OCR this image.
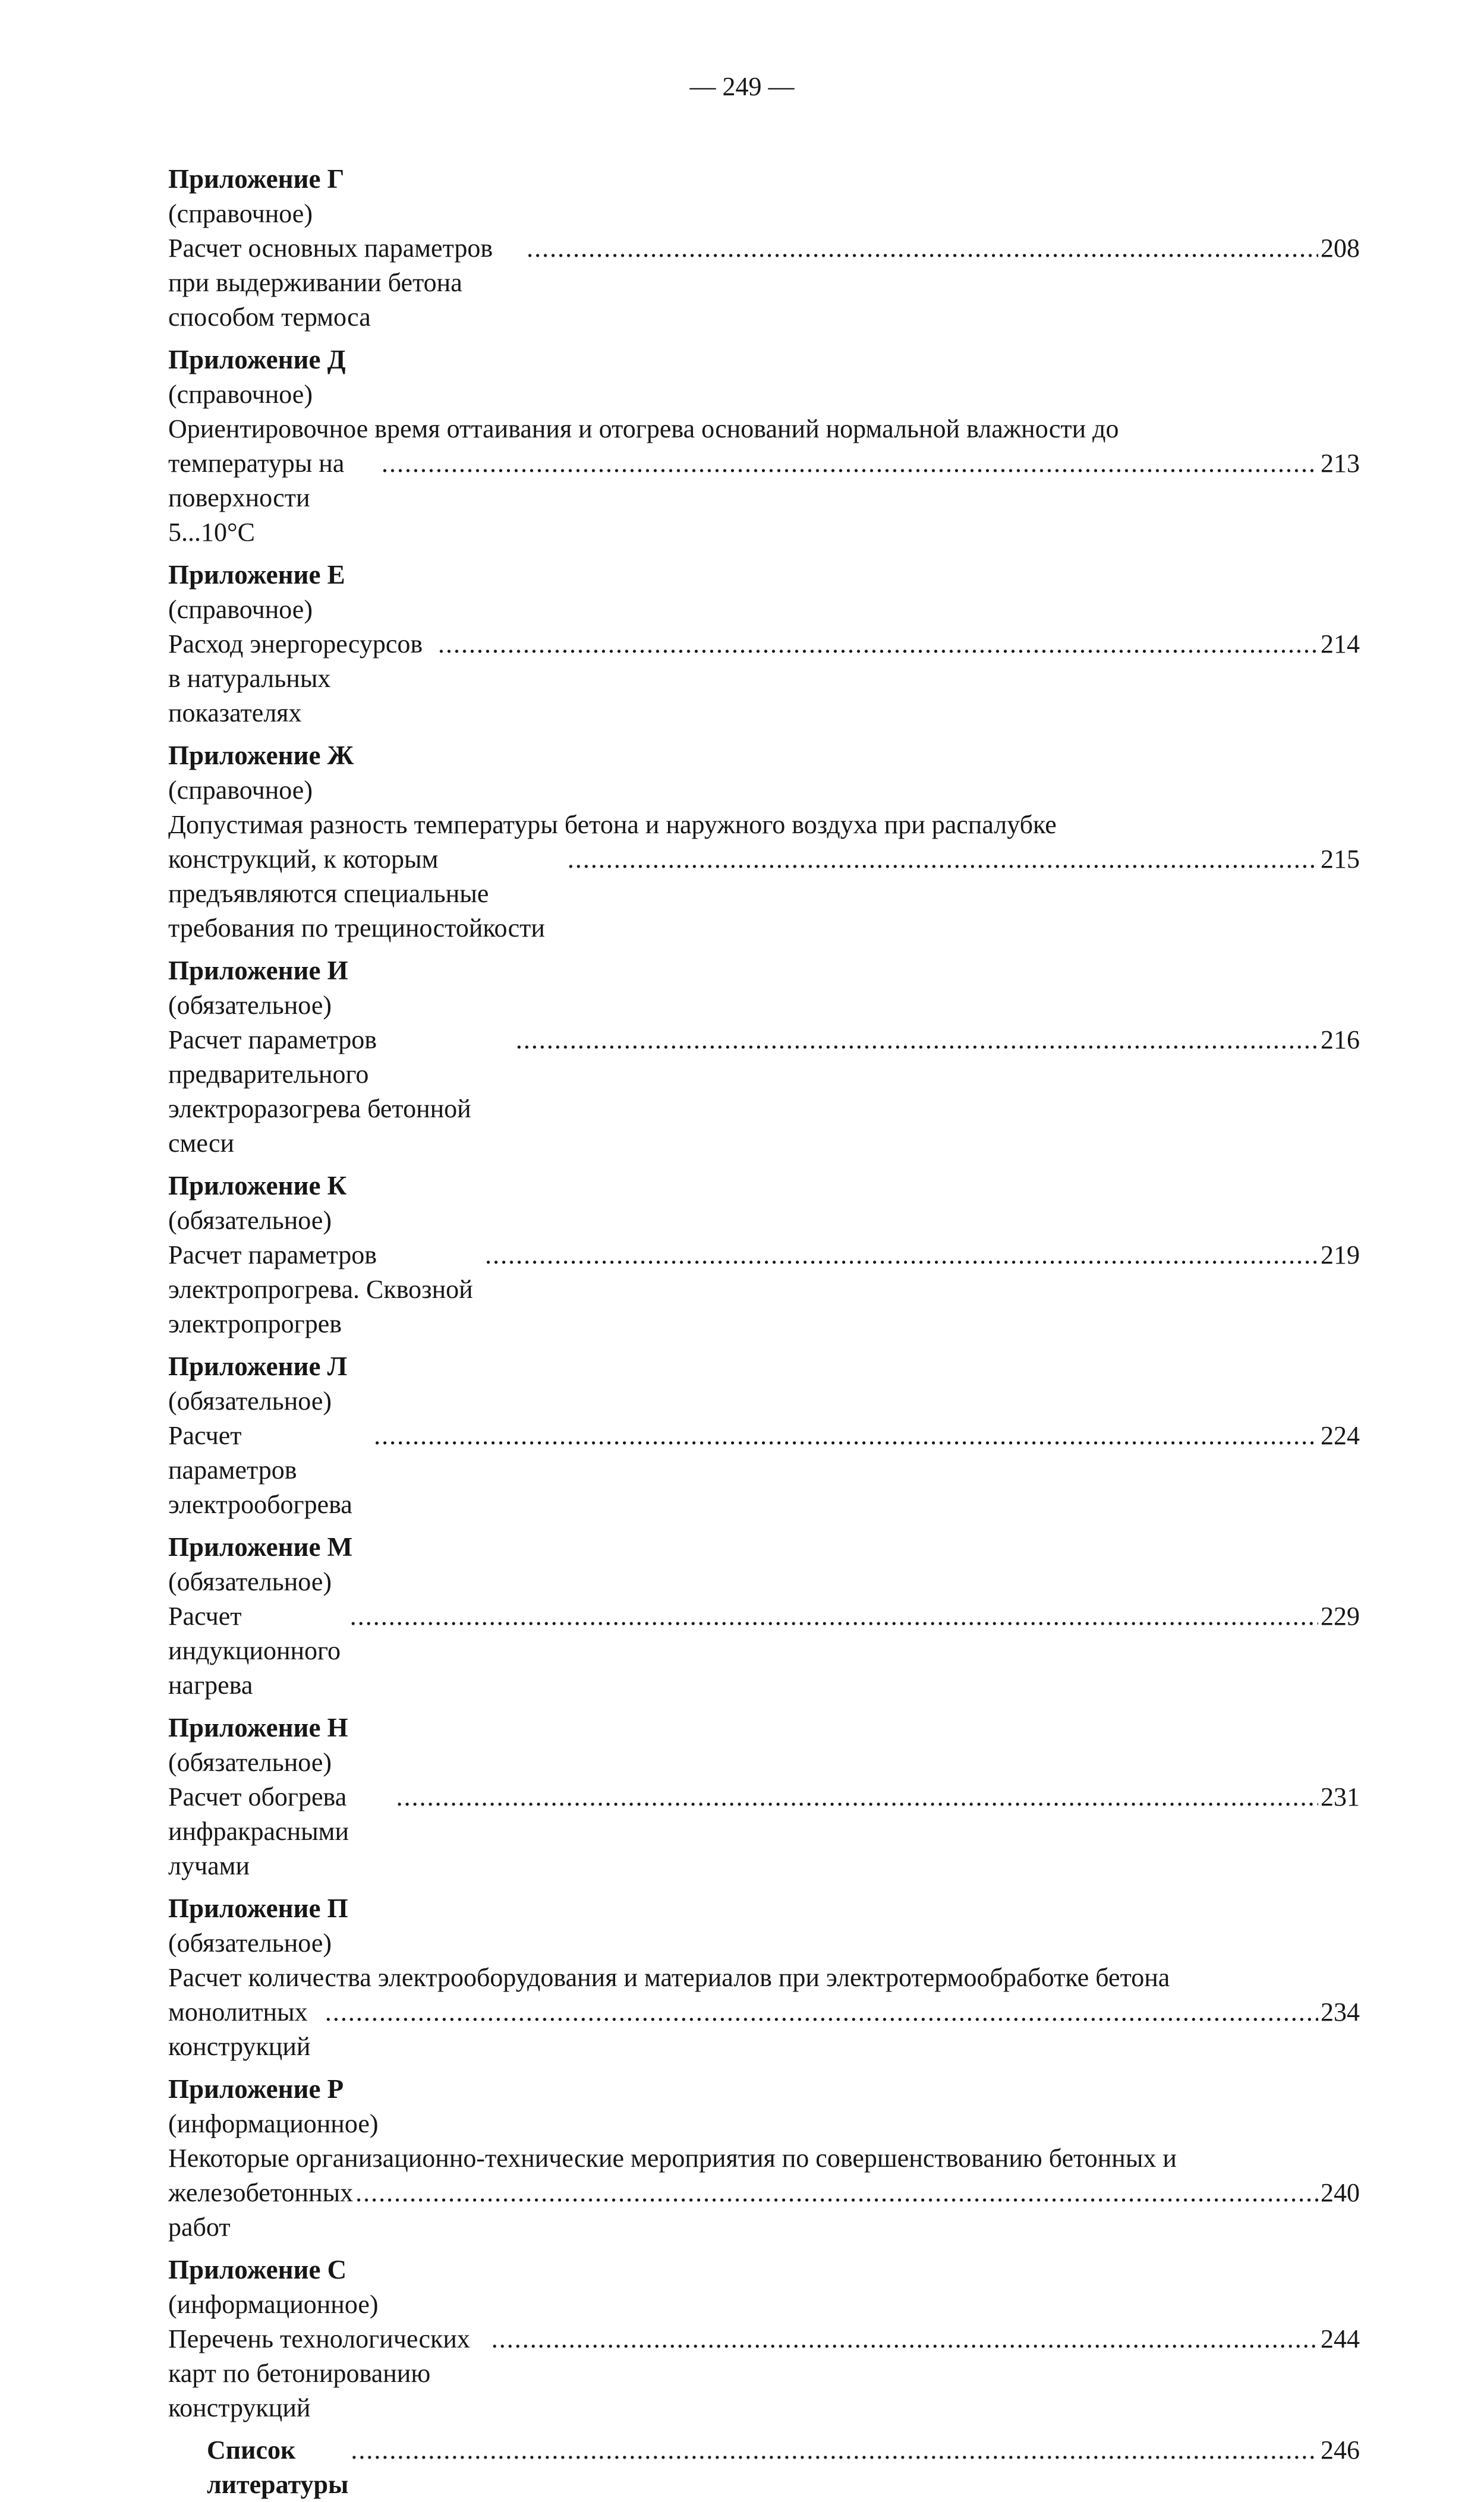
— 249 —
Приложение Г
(справочное)
Расчет основных параметров при выдерживании бетона способом термоса
.....
208
Приложение Д
(справочное)
Ориентировочное время оттаивания и отогрева оснований нормальной влажности до
температуры на поверхности 5...10°С
.....
213
Приложение Е
(справочное)
Расход энергоресурсов в натуральных показателях
.....
214
Приложение Ж
(справочное)
Допустимая разность температуры бетона и наружного воздуха при распалубке
конструкций, к которым предъявляются специальные требования по трещиностойкости
.....
215
Приложение И
(обязательное)
Расчет параметров предварительного электроразогрева бетонной смеси
.....
216
Приложение К
(обязательное)
Расчет параметров электропрогрева. Сквозной электропрогрев
.....
219
Приложение Л
(обязательное)
Расчет параметров электрообогрева
.....
224
Приложение М
(обязательное)
Расчет индукционного нагрева
.....
229
Приложение Н
(обязательное)
Расчет обогрева инфракрасными лучами
.....
231
Приложение П
(обязательное)
Расчет количества электрооборудования и материалов при электротермообработке бетона
монолитных конструкций
.....
234
Приложение Р
(информационное)
Некоторые организационно-технические мероприятия по совершенствованию бетонных и
железобетонных работ
.....
240
Приложение С
(информационное)
Перечень технологических карт по бетонированию конструкций
.....
244
Список литературы
.....
246
